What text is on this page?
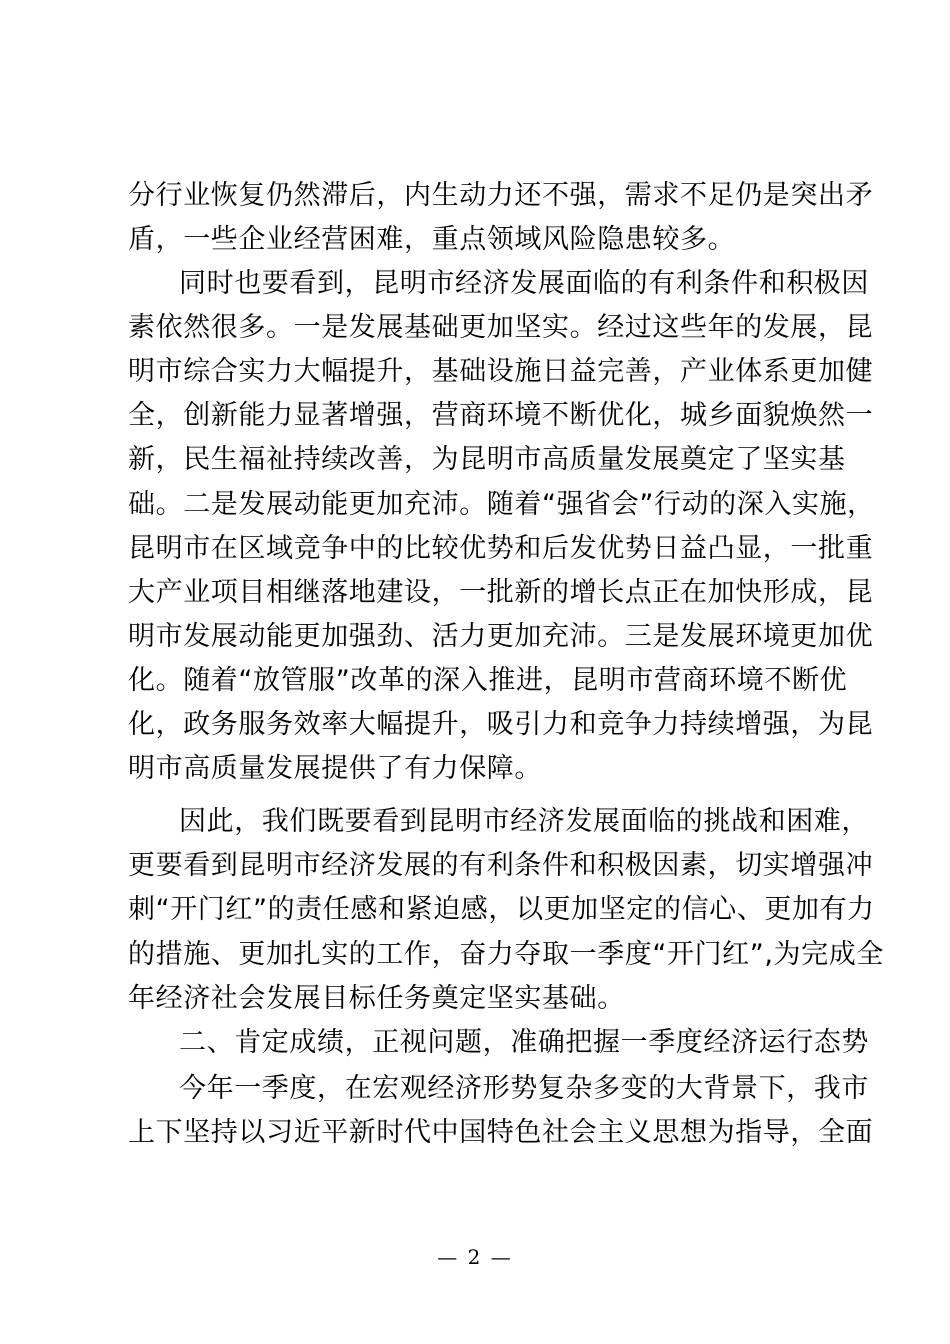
分行业恢复仍然滞后，内生动力还不强，需求不足仍是突出矛
盾，一些企业经营困难，重点领域风险隐患较多。
同时也要看到，昆明市经济发展面临的有利条件和积极因
素依然很多。一是发展基础更加坚实。经过这些年的发展，昆
明市综合实力大幅提升，基础设施日益完善，产业体系更加健
全，创新能力显著增强，营商环境不断优化，城乡面貌焕然一
新，民生福祉持续改善，为昆明市高质量发展奠定了坚实基
础。二是发展动能更加充沛。随着“强省会”行动的深入实施，
昆明市在区域竞争中的比较优势和后发优势日益凸显，一批重
大产业项目相继落地建设，一批新的增长点正在加快形成，昆
明市发展动能更加强劲、活力更加充沛。三是发展环境更加优
化。随着“放管服”改革的深入推进，昆明市营商环境不断优
化，政务服务效率大幅提升，吸引力和竞争力持续增强，为昆
明市高质量发展提供了有力保障。
因此，我们既要看到昆明市经济发展面临的挑战和困难，
更要看到昆明市经济发展的有利条件和积极因素，切实增强冲
刺“开门红”的责任感和紧迫感，以更加坚定的信心、更加有力
的措施、更加扎实的工作，奋力夺取一季度“开门红”,为完成全
年经济社会发展目标任务奠定坚实基础。
二、肯定成绩，正视问题，准确把握一季度经济运行态势
今年一季度，在宏观经济形势复杂多变的大背景下，我市
上下坚持以习近平新时代中国特色社会主义思想为指导，全面
— 2 —
